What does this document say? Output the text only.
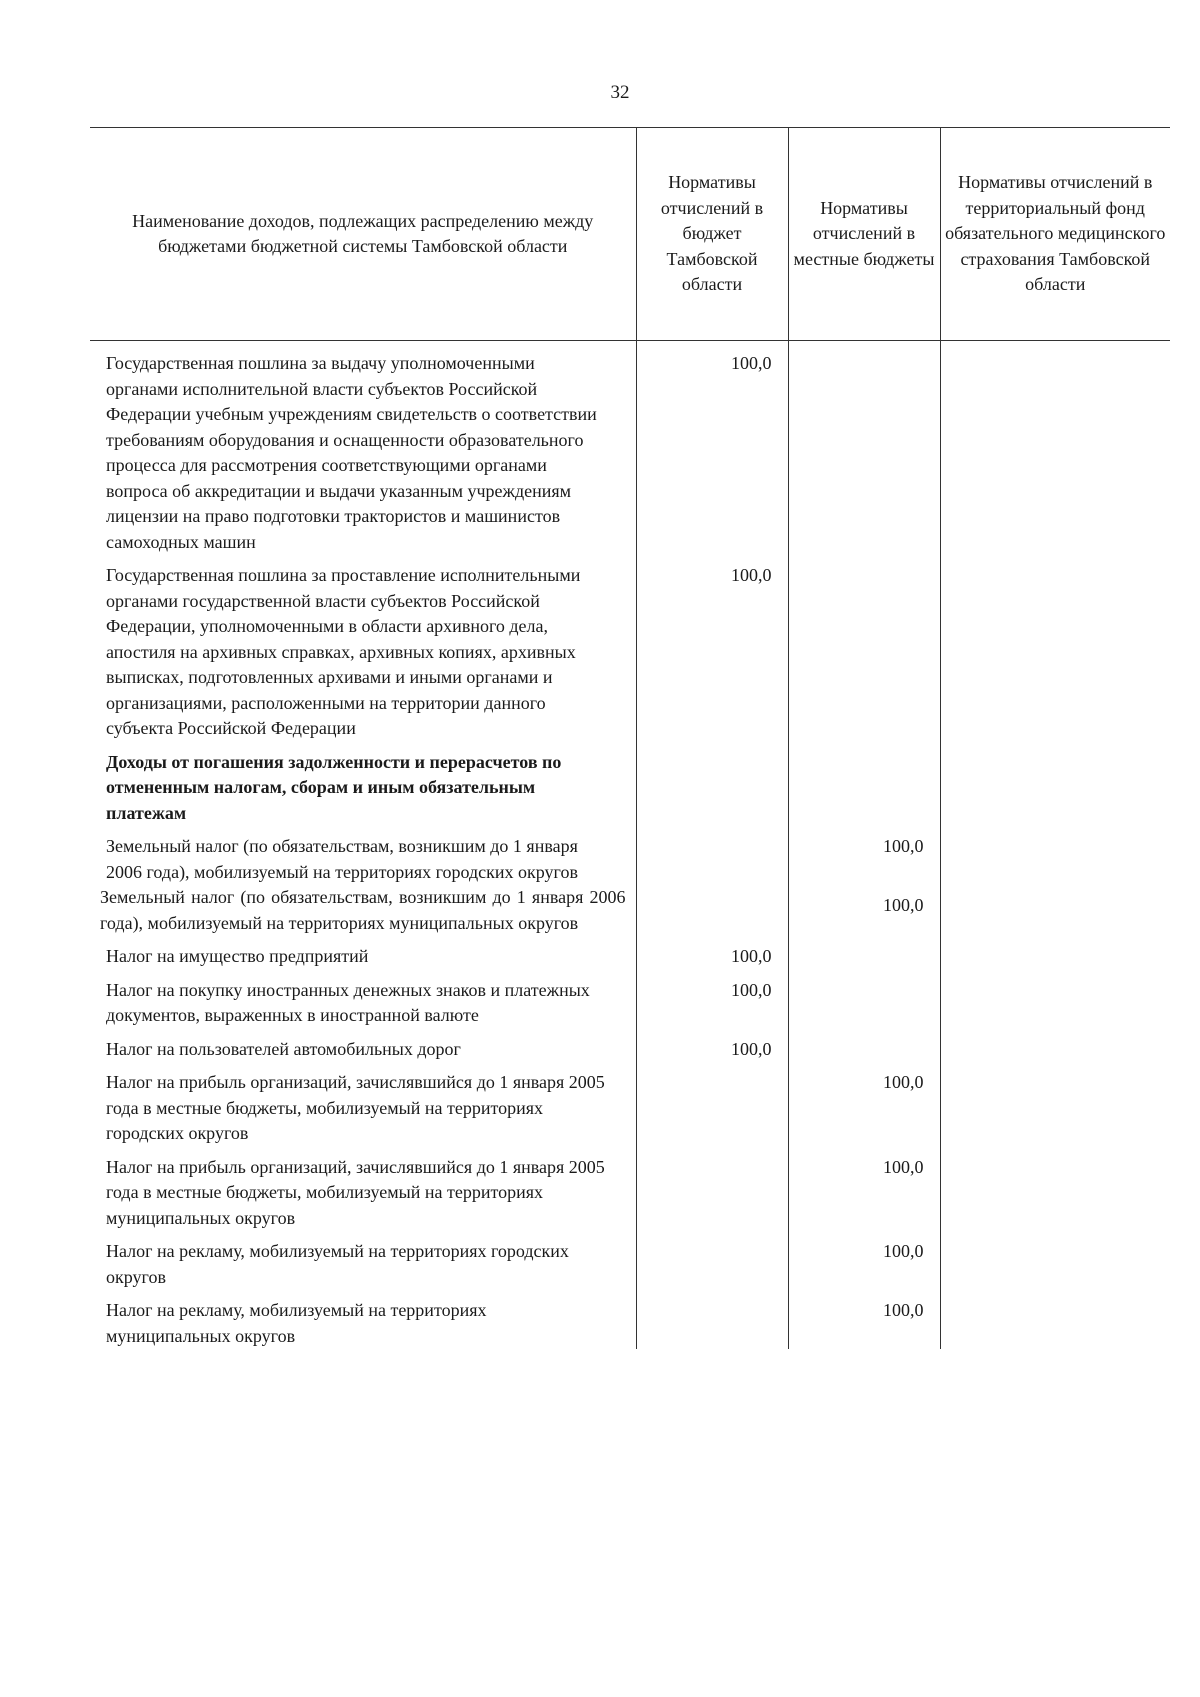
32
Наименование доходов, подлежащих распределению между бюджетами бюджетной системы Тамбовской области	Нормативы отчислений в бюджет Тамбовской области	Нормативы отчислений в местные бюджеты	Нормативы отчислений в территориальный фонд обязательного медицинского страхования Тамбовской области
Государственная пошлина за выдачу уполномоченными органами исполнительной власти субъектов Российской Федерации учебным учреждениям свидетельств о соответствии требованиям оборудования и оснащенности образовательного процесса для рассмотрения соответствующими органами вопроса об аккредитации и выдачи указанным учреждениям лицензии на право подготовки трактористов и машинистов самоходных машин	100,0		
Государственная пошлина за проставление исполнительными органами государственной власти субъектов Российской Федерации, уполномоченными в области архивного дела, апостиля на архивных справках, архивных копиях, архивных выписках, подготовленных архивами и иными органами и организациями, расположенными на территории данного субъекта Российской Федерации	100,0		
Доходы от погашения задолженности и перерасчетов по отмененным налогам, сборам и иным обязательным платежам			
Земельный налог (по обязательствам, возникшим до 1 января 2006 года), мобилизуемый на территориях городских округов		100,0	
Земельный налог (по обязательствам, возникшим до 1 января 2006 года), мобилизуемый на территориях муниципальных округов		100,0	
Налог на имущество предприятий	100,0		
Налог на покупку иностранных денежных знаков и платежных документов, выраженных в иностранной валюте	100,0		
Налог на пользователей автомобильных дорог	100,0		
Налог на прибыль организаций, зачислявшийся до 1 января 2005 года в местные бюджеты, мобилизуемый на территориях городских округов		100,0	
Налог на прибыль организаций, зачислявшийся до 1 января 2005 года в местные бюджеты, мобилизуемый на территориях муниципальных округов		100,0	
Налог на рекламу, мобилизуемый на территориях городских округов		100,0	
Налог на рекламу, мобилизуемый на территориях муниципальных округов		100,0	
